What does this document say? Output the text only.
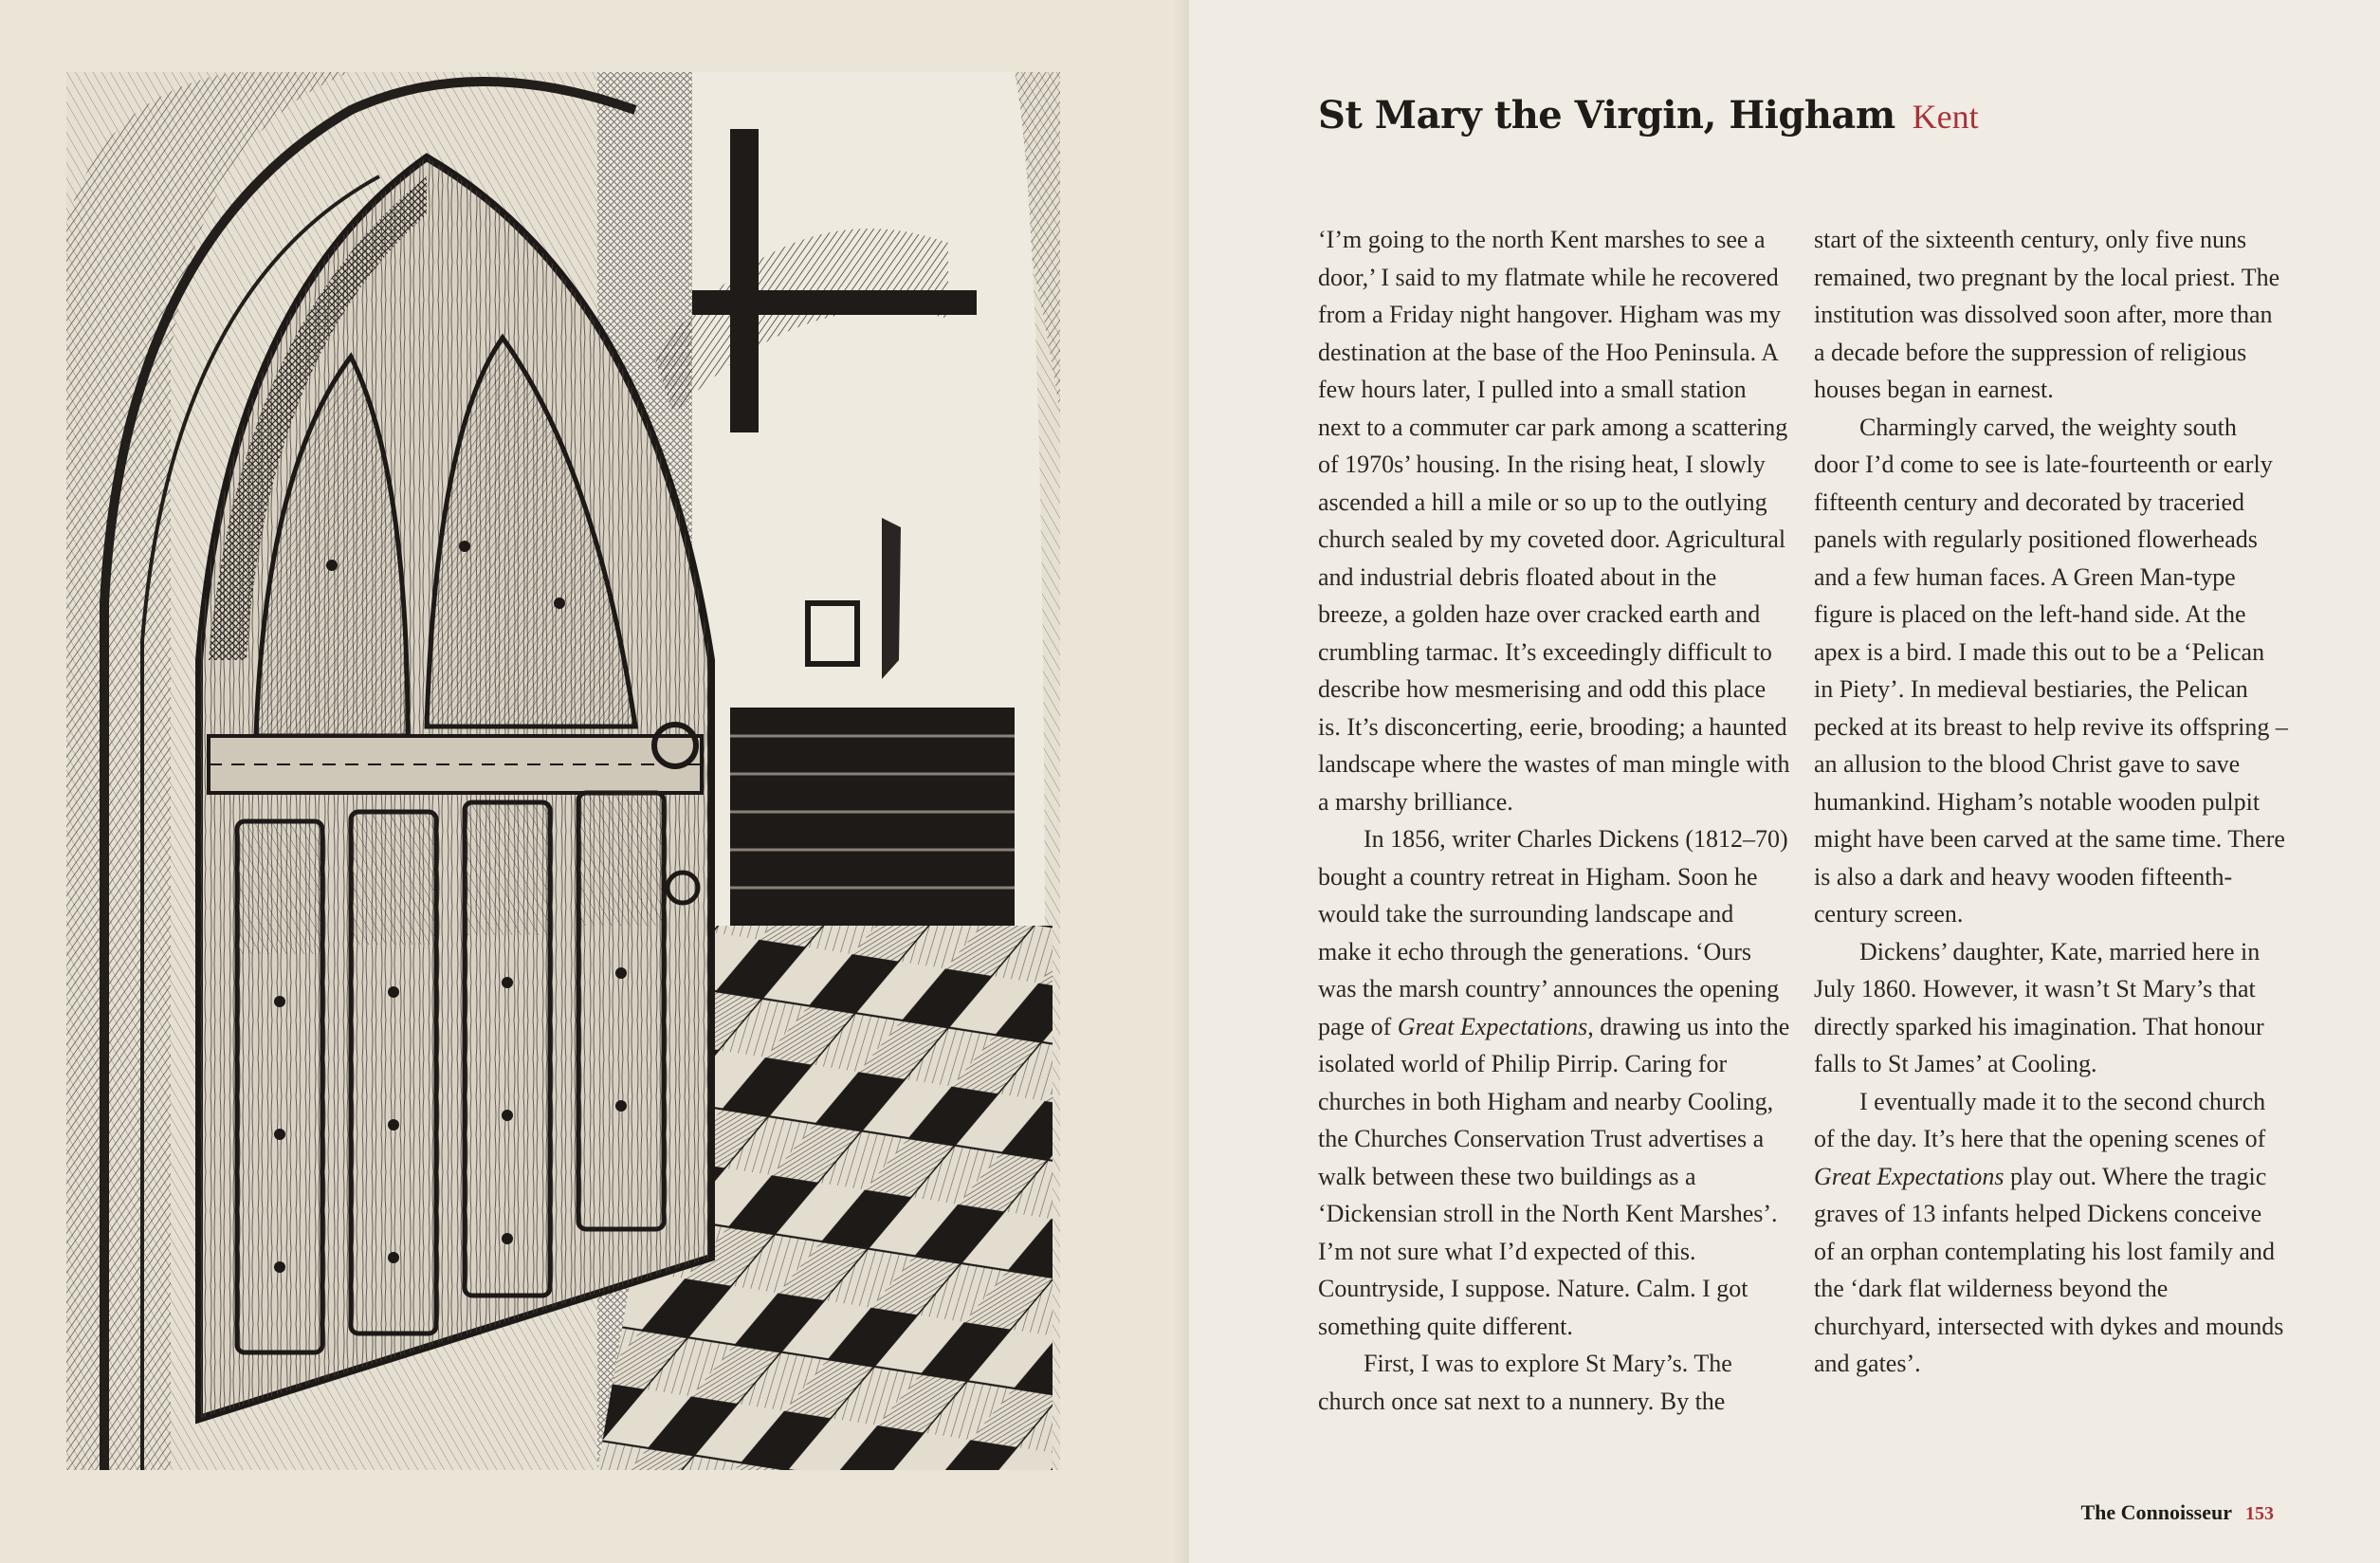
St Mary the Virgin, Higham Kent

‘I’m going to the north Kent marshes to see a door,’ I said to my flatmate while he recovered from a Friday night hangover. Higham was my destination at the base of the Hoo Peninsula. A few hours later, I pulled into a small station next to a commuter car park among a scattering of 1970s’ housing. In the rising heat, I slowly ascended a hill a mile or so up to the outlying church sealed by my coveted door. Agricultural and industrial debris floated about in the breeze, a golden haze over cracked earth and crumbling tarmac. It’s exceedingly difficult to describe how mesmerising and odd this place is. It’s disconcerting, eerie, brooding; a haunted landscape where the wastes of man mingle with a marshy brilliance.

In 1856, writer Charles Dickens (1812–70) bought a country retreat in Higham. Soon he would take the surrounding landscape and make it echo through the generations. ‘Ours was the marsh country’ announces the opening page of Great Expectations, drawing us into the isolated world of Philip Pirrip. Caring for churches in both Higham and nearby Cooling, the Churches Conservation Trust advertises a walk between these two buildings as a ‘Dickensian stroll in the North Kent Marshes’. I’m not sure what I’d expected of this. Countryside, I suppose. Nature. Calm. I got something quite different.

First, I was to explore St Mary’s. The church once sat next to a nunnery. By the

start of the sixteenth century, only five nuns remained, two pregnant by the local priest. The institution was dissolved soon after, more than a decade before the suppression of religious houses began in earnest.

Charmingly carved, the weighty south door I’d come to see is late-fourteenth or early fifteenth century and decorated by traceried panels with regularly positioned flowerheads and a few human faces. A Green Man-type figure is placed on the left-hand side. At the apex is a bird. I made this out to be a ‘Pelican in Piety’. In medieval bestiaries, the Pelican pecked at its breast to help revive its offspring – an allusion to the blood Christ gave to save humankind. Higham’s notable wooden pulpit might have been carved at the same time. There is also a dark and heavy wooden fifteenth-century screen.

Dickens’ daughter, Kate, married here in July 1860. However, it wasn’t St Mary’s that directly sparked his imagination. That honour falls to St James’ at Cooling.

I eventually made it to the second church of the day. It’s here that the opening scenes of Great Expectations play out. Where the tragic graves of 13 infants helped Dickens conceive of an orphan contemplating his lost family and the ‘dark flat wilderness beyond the churchyard, intersected with dykes and mounds and gates’.

The Connoisseur 153
